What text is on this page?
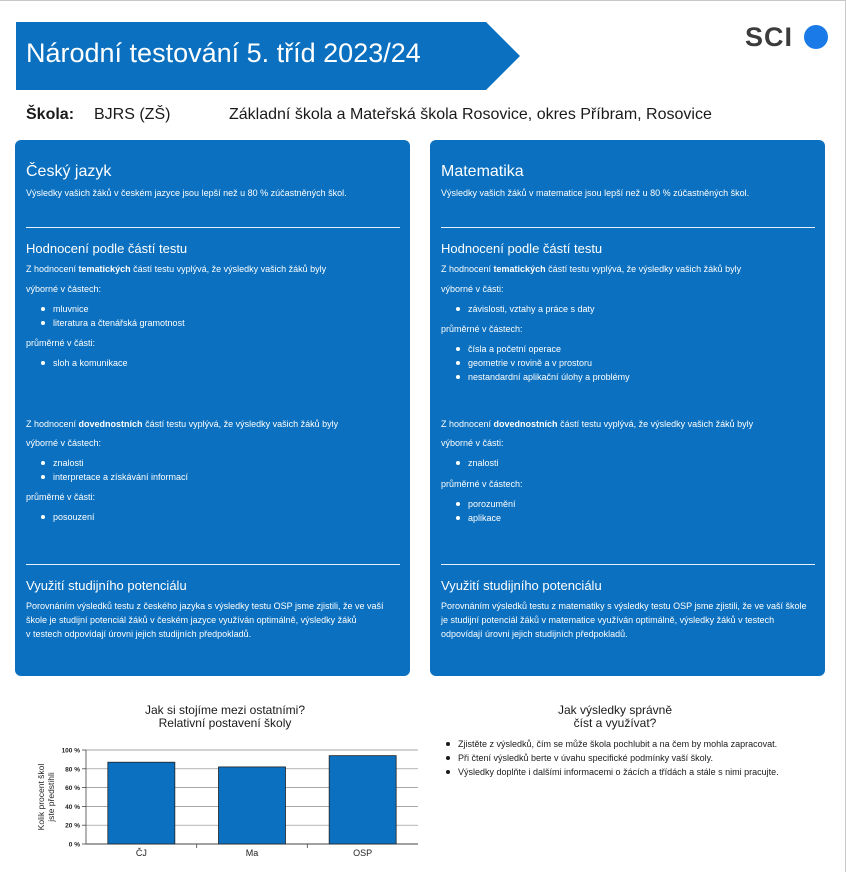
Národní testování 5. tříd 2023/24
SCI
Škola: BJRS (ZŠ)	Základní škola a Mateřská škola Rosovice, okres Příbram, Rosovice
Český jazyk
Výsledky vašich žáků v českém jazyce jsou lepší než u 80 % zúčastněných škol.
Hodnocení podle částí testu
Z hodnocení tematických částí testu vyplývá, že výsledky vašich žáků byly
výborné v částech:
mluvnice
literatura a čtenářská gramotnost
průměrné v části:
sloh a komunikace
Z hodnocení dovednostních částí testu vyplývá, že výsledky vašich žáků byly
výborné v částech:
znalosti
interpretace a získávání informací
průměrné v části:
posouzení
Využití studijního potenciálu
Porovnáním výsledků testu z českého jazyka s výsledky testu OSP jsme zjistili, že ve vaší
škole je studijní potenciál žáků v českém jazyce využíván optimálně, výsledky žáků
v testech odpovídají úrovni jejich studijních předpokladů.
Matematika
Výsledky vašich žáků v matematice jsou lepší než u 80 % zúčastněných škol.
Hodnocení podle částí testu
Z hodnocení tematických částí testu vyplývá, že výsledky vašich žáků byly
výborné v části:
závislosti, vztahy a práce s daty
průměrné v částech:
čísla a početní operace
geometrie v rovině a v prostoru
nestandardní aplikační úlohy a problémy
Z hodnocení dovednostních částí testu vyplývá, že výsledky vašich žáků byly
výborné v části:
znalosti
průměrné v částech:
porozumění
aplikace
Využití studijního potenciálu
Porovnáním výsledků testu z matematiky s výsledky testu OSP jsme zjistili, že ve vaší škole
je studijní potenciál žáků v matematice využíván optimálně, výsledky žáků v testech
odpovídají úrovni jejich studijních předpokladů.
Jak si stojíme mezi ostatními?
Relativní postavení školy
0 %
20 %
40 %
60 %
80 %
100 %
ČJ	Ma	OSP
Kolik procent škol jste předstihli
Jak výsledky správně
číst a využívat?
Zjistěte z výsledků, čím se může škola pochlubit a na čem by mohla zapracovat.
Při čtení výsledků berte v úvahu specifické podmínky vaší školy.
Výsledky doplňte i dalšími informacemi o žácích a třídách a stále s nimi pracujte.
